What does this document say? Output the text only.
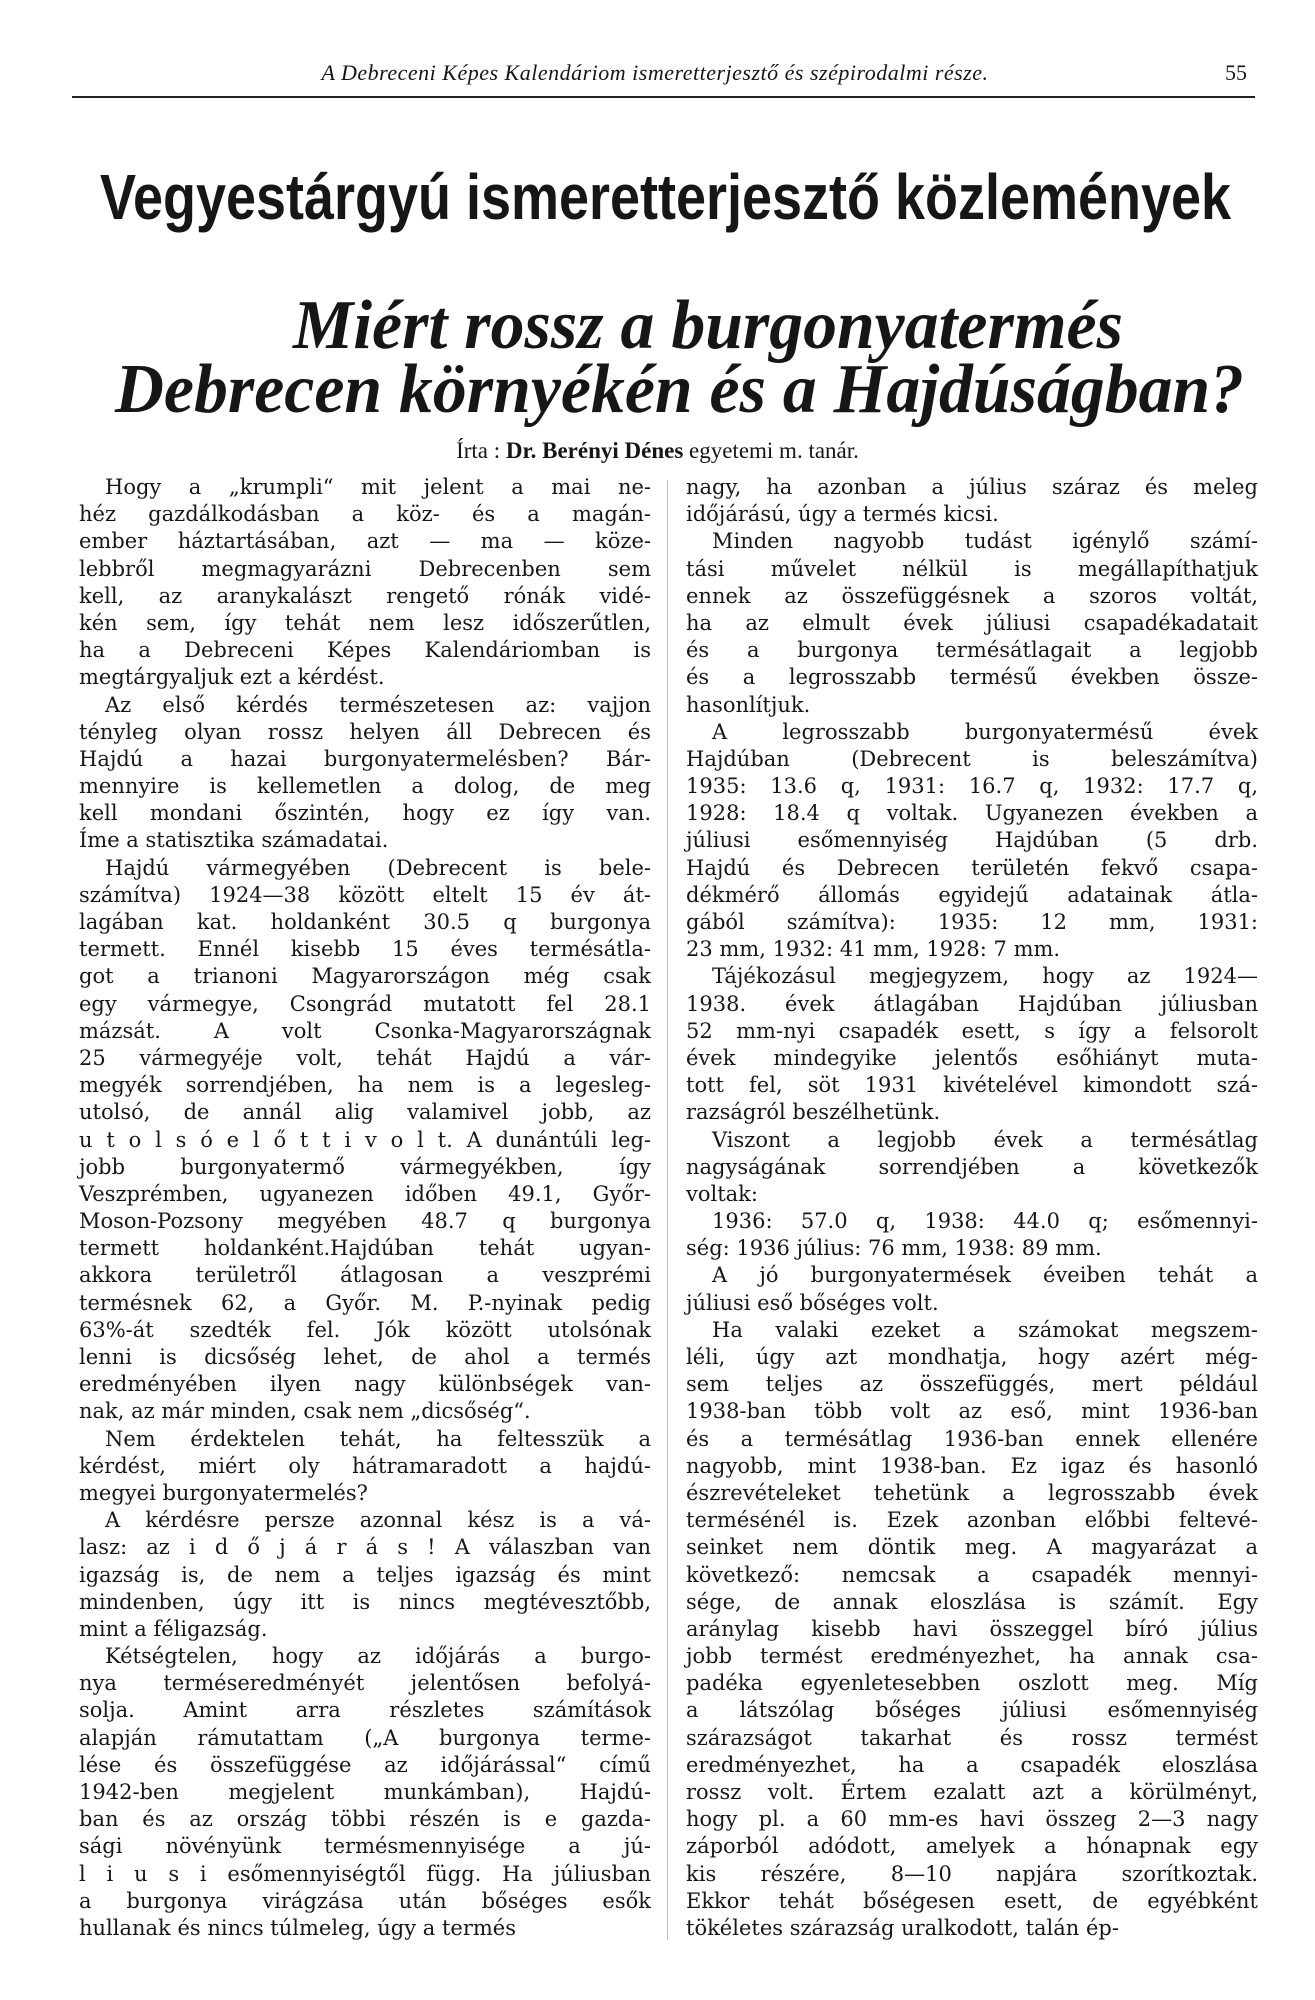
A Debreceni Képes Kalendáriom ismeretterjesztő és szépirodalmi része.	55
Vegyestárgyú ismeretterjesztő közlemények
Miért rossz a burgonyatermés
Debrecen környékén és a Hajdúságban?
Írta : Dr. Berényi Dénes egyetemi m. tanár.
Hogy a „krumpli“ mit jelent a mai ne-
héz gazdálkodásban a köz- és a magán-
ember háztartásában, azt — ma — köze-
lebbről megmagyarázni Debrecenben sem
kell, az aranykalászt rengető rónák vidé-
kén sem, így tehát nem lesz időszerűtlen,
ha a Debreceni Képes Kalendáriomban is
megtárgyaljuk ezt a kérdést.
Az első kérdés természetesen az: vajjon
tényleg olyan rossz helyen áll Debrecen és
Hajdú a hazai burgonyatermelésben? Bár-
mennyire is kellemetlen a dolog, de meg
kell mondani őszintén, hogy ez így van.
Íme a statisztika számadatai.
Hajdú vármegyében (Debrecent is bele-
számítva) 1924—38 között eltelt 15 év át-
lagában kat. holdanként 30.5 q burgonya
termett. Ennél kisebb 15 éves termésátla-
got a trianoni Magyarországon még csak
egy vármegye, Csongrád mutatott fel 28.1
mázsát. A volt Csonka-Magyarországnak
25 vármegyéje volt, tehát Hajdú a vár-
megyék sorrendjében, ha nem is a legesleg-
utolsó, de annál alig valamivel jobb, az
u t o l s ó e l ő t t i v o l t. A dunántúli leg-
jobb burgonyatermő vármegyékben, így
Veszprémben, ugyanezen időben 49.1, Győr-
Moson-Pozsony megyében 48.7 q burgonya
termett holdanként.Hajdúban tehát ugyan-
akkora területről átlagosan a veszprémi
termésnek 62, a Győr. M. P.-nyinak pedig
63%-át szedték fel. Jók között utolsónak
lenni is dicsőség lehet, de ahol a termés
eredményében ilyen nagy különbségek van-
nak, az már minden, csak nem „dicsőség“.
Nem érdektelen tehát, ha feltesszük a
kérdést, miért oly hátramaradott a hajdú-
megyei burgonyatermelés?
A kérdésre persze azonnal kész is a vá-
lasz: az i d ő j á r á s ! A válaszban van
igazság is, de nem a teljes igazság és mint
mindenben, úgy itt is nincs megtévesztőbb,
mint a féligazság.
Kétségtelen, hogy az időjárás a burgo-
nya terméseredményét jelentősen befolyá-
solja. Amint arra részletes számítások
alapján rámutattam („A burgonya terme-
lése és összefüggése az időjárással“ című
1942-ben megjelent munkámban), Hajdú-
ban és az ország többi részén is e gazda-
sági növényünk termésmennyisége a jú-
l i u s i esőmennyiségtől függ. Ha júliusban
a burgonya virágzása után bőséges esők
hullanak és nincs túlmeleg, úgy a termés
nagy, ha azonban a július száraz és meleg
időjárású, úgy a termés kicsi.
Minden nagyobb tudást igénylő számí-
tási művelet nélkül is megállapíthatjuk
ennek az összefüggésnek a szoros voltát,
ha az elmult évek júliusi csapadékadatait
és a burgonya termésátlagait a legjobb
és a legrosszabb termésű években össze-
hasonlítjuk.
A legrosszabb burgonyatermésű évek
Hajdúban (Debrecent is beleszámítva)
1935: 13.6 q, 1931: 16.7 q, 1932: 17.7 q,
1928: 18.4 q voltak. Ugyanezen években a
júliusi esőmennyiség Hajdúban (5 drb.
Hajdú és Debrecen területén fekvő csapa-
dékmérő állomás egyidejű adatainak átla-
gából számítva): 1935: 12 mm, 1931:
23 mm, 1932: 41 mm, 1928: 7 mm.
Tájékozásul megjegyzem, hogy az 1924—
1938. évek átlagában Hajdúban júliusban
52 mm-nyi csapadék esett, s így a felsorolt
évek mindegyike jelentős esőhiányt muta-
tott fel, söt 1931 kivételével kimondott szá-
razságról beszélhetünk.
Viszont a legjobb évek a termésátlag
nagyságának sorrendjében a következők
voltak:
1936: 57.0 q, 1938: 44.0 q; esőmennyi-
ség: 1936 július: 76 mm, 1938: 89 mm.
A jó burgonyatermések éveiben tehát a
júliusi eső bőséges volt.
Ha valaki ezeket a számokat megszem-
léli, úgy azt mondhatja, hogy azért még-
sem teljes az összefüggés, mert például
1938-ban több volt az eső, mint 1936-ban
és a termésátlag 1936-ban ennek ellenére
nagyobb, mint 1938-ban. Ez igaz és hasonló
észrevételeket tehetünk a legrosszabb évek
termésénél is. Ezek azonban előbbi feltevé-
seinket nem döntik meg. A magyarázat a
következő: nemcsak a csapadék mennyi-
sége, de annak eloszlása is számít. Egy
aránylag kisebb havi összeggel bíró július
jobb termést eredményezhet, ha annak csa-
padéka egyenletesebben oszlott meg. Míg
a látszólag bőséges júliusi esőmennyiség
szárazságot takarhat és rossz termést
eredményezhet, ha a csapadék eloszlása
rossz volt. Értem ezalatt azt a körülményt,
hogy pl. a 60 mm-es havi összeg 2—3 nagy
záporból adódott, amelyek a hónapnak egy
kis részére, 8—10 napjára szorítkoztak.
Ekkor tehát bőségesen esett, de egyébként
tökéletes szárazság uralkodott, talán ép-
